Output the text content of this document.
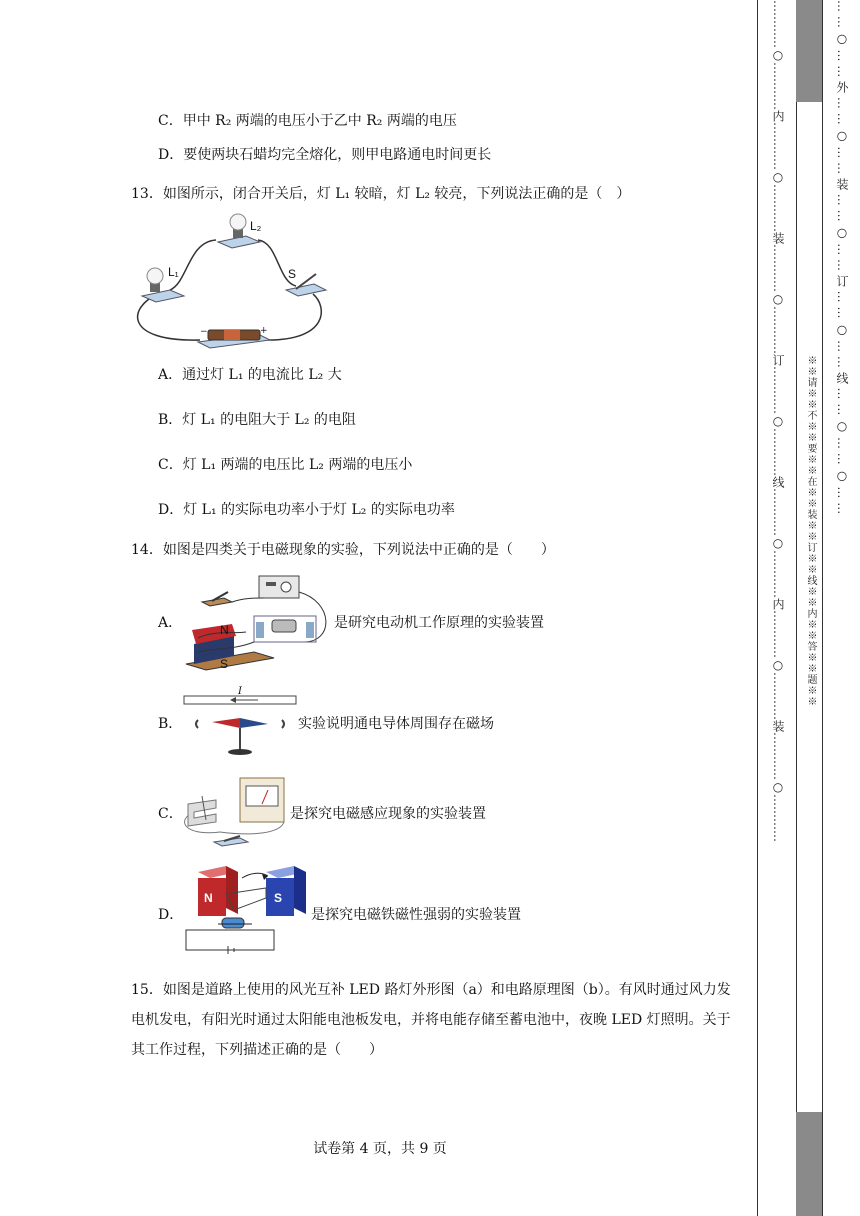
C．甲中 R₂ 两端的电压小于乙中 R₂ 两端的电压
D．要使两块石蜡均完全熔化，则甲电路通电时间更长
13．如图所示，闭合开关后，灯 L₁ 较暗，灯 L₂ 较亮，下列说法正确的是（　）
L₁
L₂
S
−	+
A．通过灯 L₁ 的电流比 L₂ 大
B．灯 L₁ 的电阻大于 L₂ 的电阻
C．灯 L₁ 两端的电压比 L₂ 两端的电压小
D．灯 L₁ 的实际电功率小于灯 L₂ 的实际电功率
14．如图是四类关于电磁现象的实验，下列说法中正确的是（　　）
A．	N
S
是研究电动机工作原理的实验装置
B．
I
实验说明通电导体周围存在磁场
C．	是探究电磁感应现象的实验装置
D．
N	S
是探究电磁铁磁性强弱的实验装置
15．如图是道路上使用的风光互补 LED 路灯外形图（a）和电路原理图（b）。有风时通过风力发电机发电，有阳光时通过太阳能电池板发电，并将电能存储至蓄电池中，夜晚 LED 灯照明。关于其工作过程，下列描述正确的是（　　）
试卷第 4 页，共 9 页
…………○…………内…………○…………装…………○…………订…………○…………线…………○…………内…………○…………装…………○…………	… … ○ … … 外 … … ○ … … 装 … … ○ … … 订 … … ○ … … 线 … … ○ … … ○ … …
※※请※※不※※要※※在※※装※※订※※线※※内※※答※※题※※
